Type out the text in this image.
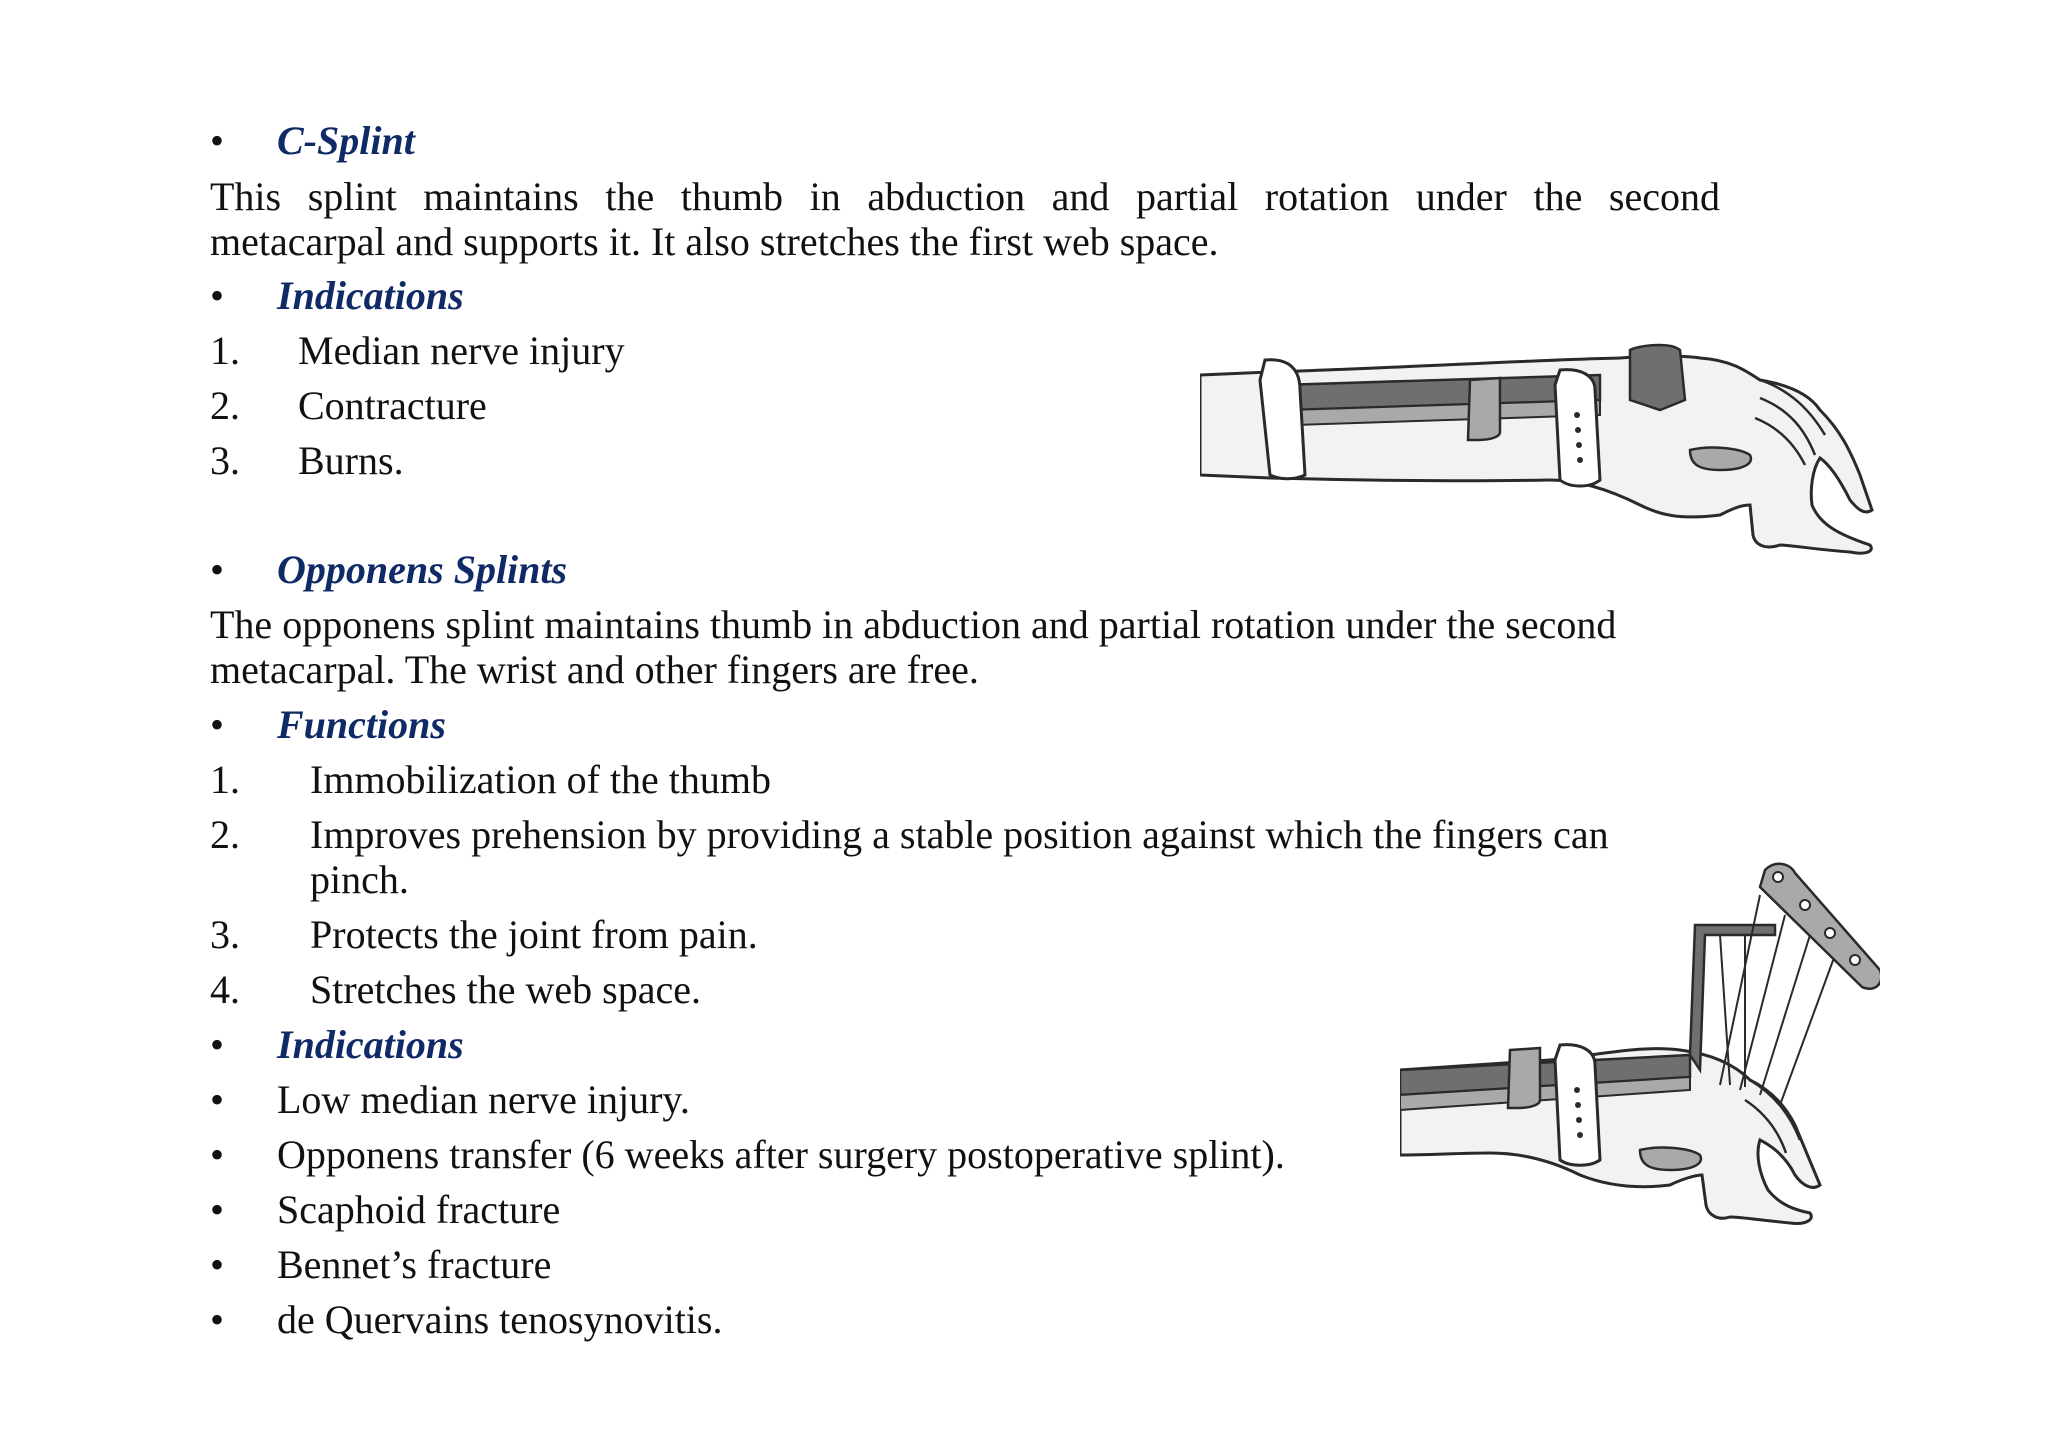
• C-Splint
This splint maintains the thumb in abduction and partial rotation under the second
metacarpal and supports it. It also stretches the first web space.
• Indications
1. Median nerve injury
2. Contracture
3. Burns.
• Opponens Splints
The opponens splint maintains thumb in abduction and partial rotation under the second
metacarpal. The wrist and other fingers are free.
• Functions
1. Immobilization of the thumb
2. Improves prehension by providing a stable position against which the fingers can
pinch.
3. Protects the joint from pain.
4. Stretches the web space.
• Indications
• Low median nerve injury.
• Opponens transfer (6 weeks after surgery postoperative splint).
• Scaphoid fracture
• Bennet’s fracture
• de Quervains tenosynovitis.
